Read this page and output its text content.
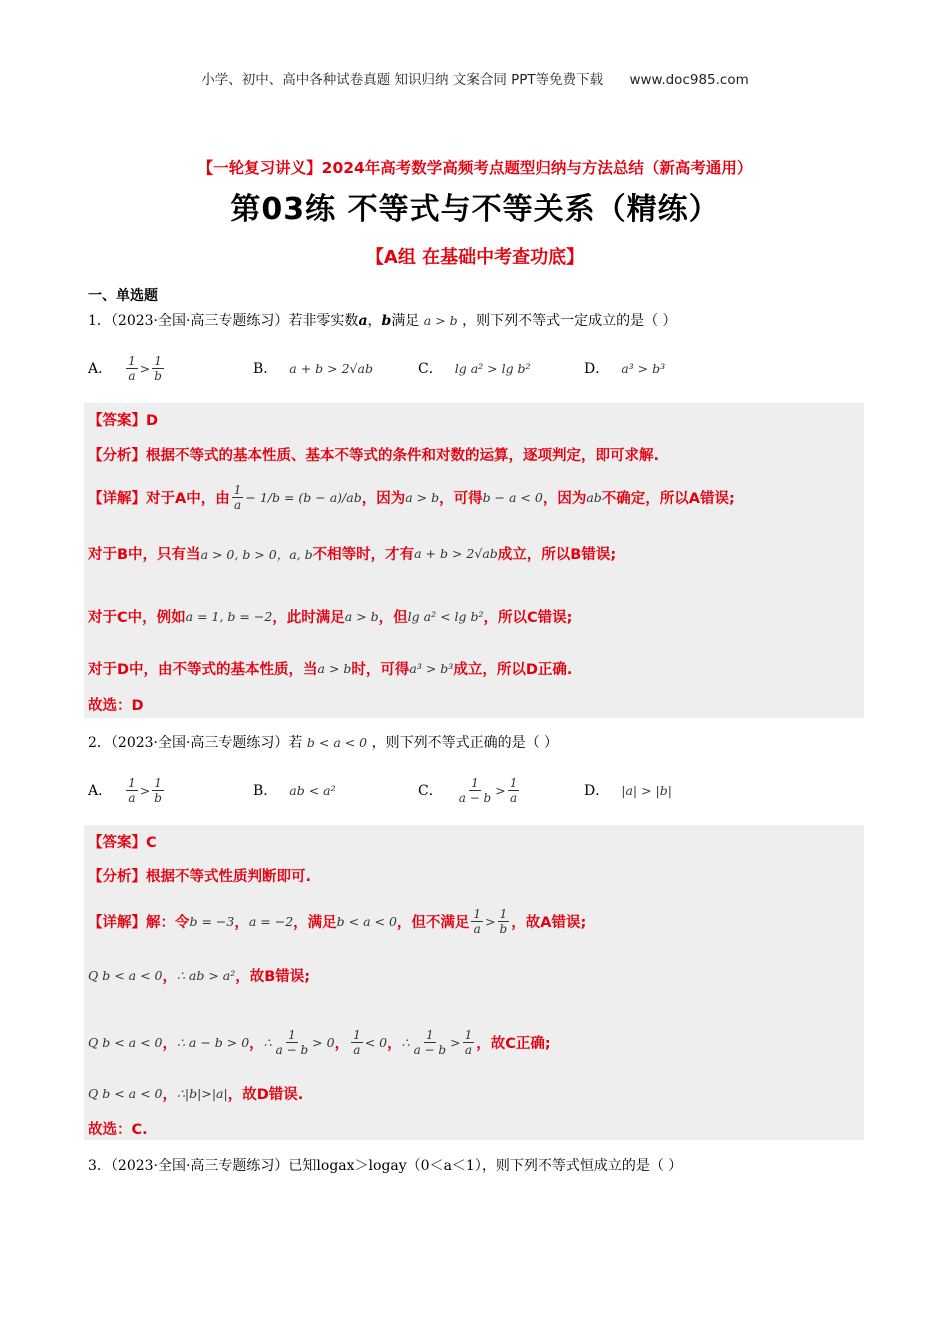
小学、初中、高中各种试卷真题 知识归纳 文案合同 PPT等免费下载 www.doc985.com
【一轮复习讲义】2024年高考数学高频考点题型归纳与方法总结（新高考通用）
第03练 不等式与不等关系（精练）
【A组 在基础中考查功底】
一、单选题
1．（2023·全国·高三专题练习）若非零实数a，b满足 a > b ，则下列不等式一定成立的是（ ）
A． $\frac{1}{a} > \frac{1}{b}$	B． a + b > 2√ab	C． lg a² > lg b²	D． a³ > b³
【答案】D
【分析】根据不等式的基本性质、基本不等式的条件和对数的运算，逐项判定，即可求解.
【详解】对于A中，由 $\frac{1}{a} - 1/b = (b - a)/ab$ ，因为 a > b ，可得 b − a < 0 ，因为 ab 不确定，所以A错误;
对于B中，只有当 a > 0, b > 0，a, b 不相等时，才有 a + b > 2√ab 成立，所以B错误;
对于C中，例如 a = 1, b = −2 ，此时满足 a > b ，但 lg a² < lg b² ，所以C错误;
对于D中，由不等式的基本性质，当 a > b 时，可得 a³ > b³ 成立，所以D正确.
故选：D
2．（2023·全国·高三专题练习）若 b < a < 0 ，则下列不等式正确的是（ ）
A． $\frac{1}{a} > \frac{1}{b}$	B． ab < a²	C． $\frac{1}{a - b} > \frac{1}{a}$	D． |a| > |b|
【答案】C
【分析】根据不等式性质判断即可.
【详解】解：令 b = −3 ， a = −2 ，满足 b < a < 0 ，但不满足 $\frac{1}{a} > \frac{1}{b}$ ，故A错误;
Q b < a < 0 ， ∴ ab > a² ，故B错误;
Q b < a < 0 ， ∴ a − b > 0 ， ∴ $\frac{1}{a - b} > 0$ ， $\frac{1}{a} < 0$ ， ∴ $\frac{1}{a - b} > \frac{1}{a}$ ，故C正确;
Q b < a < 0 ， ∴|b|>|a| ，故D错误.
故选：C.
3．（2023·全国·高三专题练习）已知logax＞logay（0＜a＜1），则下列不等式恒成立的是（ ）
